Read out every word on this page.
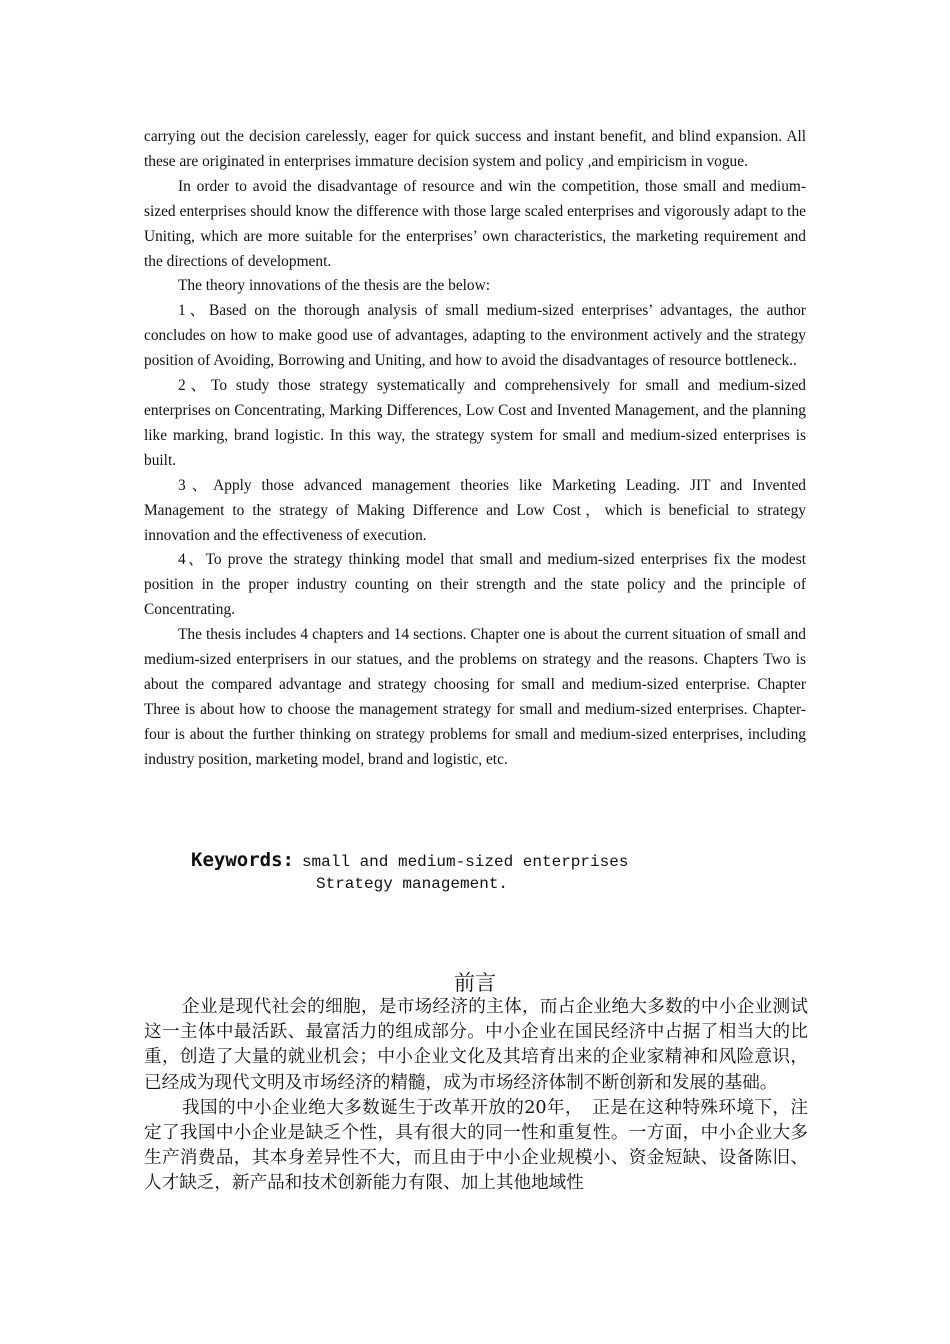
carrying out the decision carelessly, eager for quick success and instant benefit, and blind expansion. All these are originated in enterprises immature decision system and policy ,and empiricism in vogue.

In order to avoid the disadvantage of resource and win the competition, those small and medium-sized enterprises should know the difference with those large scaled enterprises and vigorously adapt to the Uniting, which are more suitable for the enterprises’ own characteristics, the marketing requirement and the directions of development.

The theory innovations of the thesis are the below:

1、Based on the thorough analysis of small medium-sized enterprises’ advantages, the author concludes on how to make good use of advantages, adapting to the environment actively and the strategy position of Avoiding, Borrowing and Uniting, and how to avoid the disadvantages of resource bottleneck..

2、To study those strategy systematically and comprehensively for small and medium-sized enterprises on Concentrating, Marking Differences, Low Cost and Invented Management, and the planning like marking, brand logistic. In this way, the strategy system for small and medium-sized enterprises is built.

3、Apply those advanced management theories like Marketing Leading. JIT and Invented Management to the strategy of Making Difference and Low Cost，which is beneficial to strategy innovation and the effectiveness of execution.

4、To prove the strategy thinking model that small and medium-sized enterprises fix the modest position in the proper industry counting on their strength and the state policy and the principle of Concentrating.

The thesis includes 4 chapters and 14 sections. Chapter one is about the current situation of small and medium-sized enterprisers in our statues, and the problems on strategy and the reasons. Chapters Two is about the compared advantage and strategy choosing for small and medium-sized enterprise. Chapter Three is about how to choose the management strategy for small and medium-sized enterprises. Chapter-four is about the further thinking on strategy problems for small and medium-sized enterprises, including industry position, marketing model, brand and logistic, etc.

Keywords: small and medium-sized enterprises
Strategy management.
前言

企业是现代社会的细胞，是市场经济的主体，而占企业绝大多数的中小企业测试这一主体中最活跃、最富活力的组成部分。中小企业在国民经济中占据了相当大的比重，创造了大量的就业机会；中小企业文化及其培育出来的企业家精神和风险意识，已经成为现代文明及市场经济的精髓，成为市场经济体制不断创新和发展的基础。

我国的中小企业绝大多数诞生于改革开放的20年，　正是在这种特殊环境下，注定了我国中小企业是缺乏个性，具有很大的同一性和重复性。一方面，中小企业大多生产消费品，其本身差异性不大，而且由于中小企业规模小、资金短缺、设备陈旧、人才缺乏，新产品和技术创新能力有限、加上其他地域性
